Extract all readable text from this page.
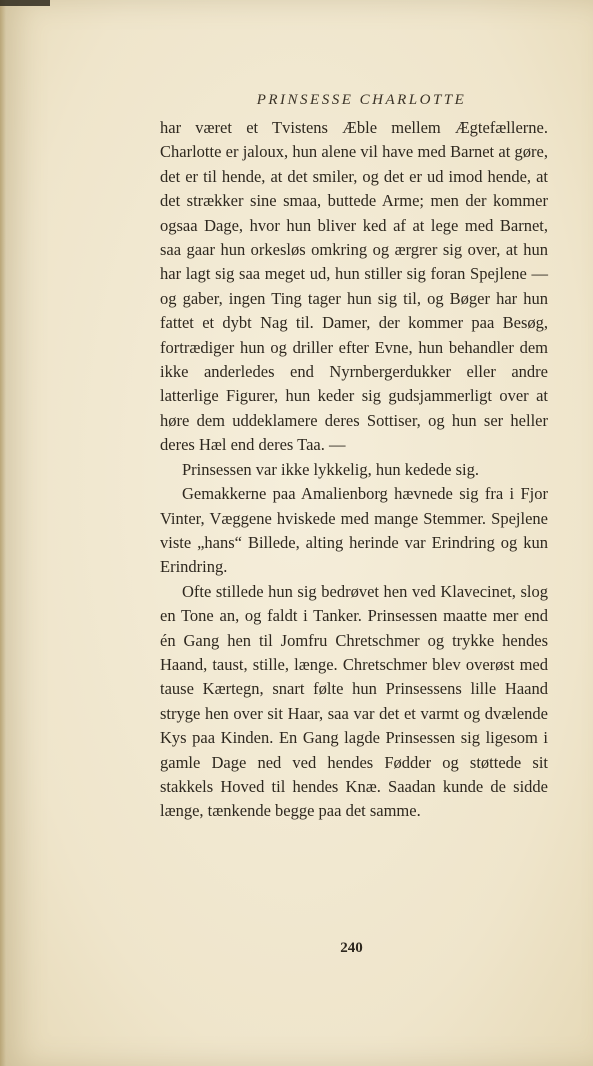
PRINSESSE CHARLOTTE

har været et Tvistens Æble mellem Ægtefællerne. Charlotte er jaloux, hun alene vil have med Barnet at gøre, det er til hende, at det smiler, og det er ud imod hende, at det strækker sine smaa, buttede Arme; men der kommer ogsaa Dage, hvor hun bliver ked af at lege med Barnet, saa gaar hun orkesløs omkring og ærgrer sig over, at hun har lagt sig saa meget ud, hun stiller sig foran Spejlene — og gaber, ingen Ting tager hun sig til, og Bøger har hun fattet et dybt Nag til. Damer, der kommer paa Besøg, fortrædiger hun og driller efter Evne, hun behandler dem ikke anderledes end Nyrnbergerdukker eller andre latterlige Figurer, hun keder sig gudsjammerligt over at høre dem uddeklamere deres Sottiser, og hun ser heller deres Hæl end deres Taa. —

Prinsessen var ikke lykkelig, hun kedede sig.

Gemakkerne paa Amalienborg hævnede sig fra i Fjor Vinter, Væggene hviskede med mange Stemmer. Spejlene viste „hans“ Billede, alting herinde var Erindring og kun Erindring.

Ofte stillede hun sig bedrøvet hen ved Klavecinet, slog en Tone an, og faldt i Tanker. Prinsessen maatte mer end én Gang hen til Jomfru Chretschmer og trykke hendes Haand, taust, stille, længe. Chretschmer blev overøst med tause Kærtegn, snart følte hun Prinsessens lille Haand stryge hen over sit Haar, saa var det et varmt og dvælende Kys paa Kinden. En Gang lagde Prinsessen sig ligesom i gamle Dage ned ved hendes Fødder og støttede sit stakkels Hoved til hendes Knæ. Saadan kunde de sidde længe, tænkende begge paa det samme.

240
